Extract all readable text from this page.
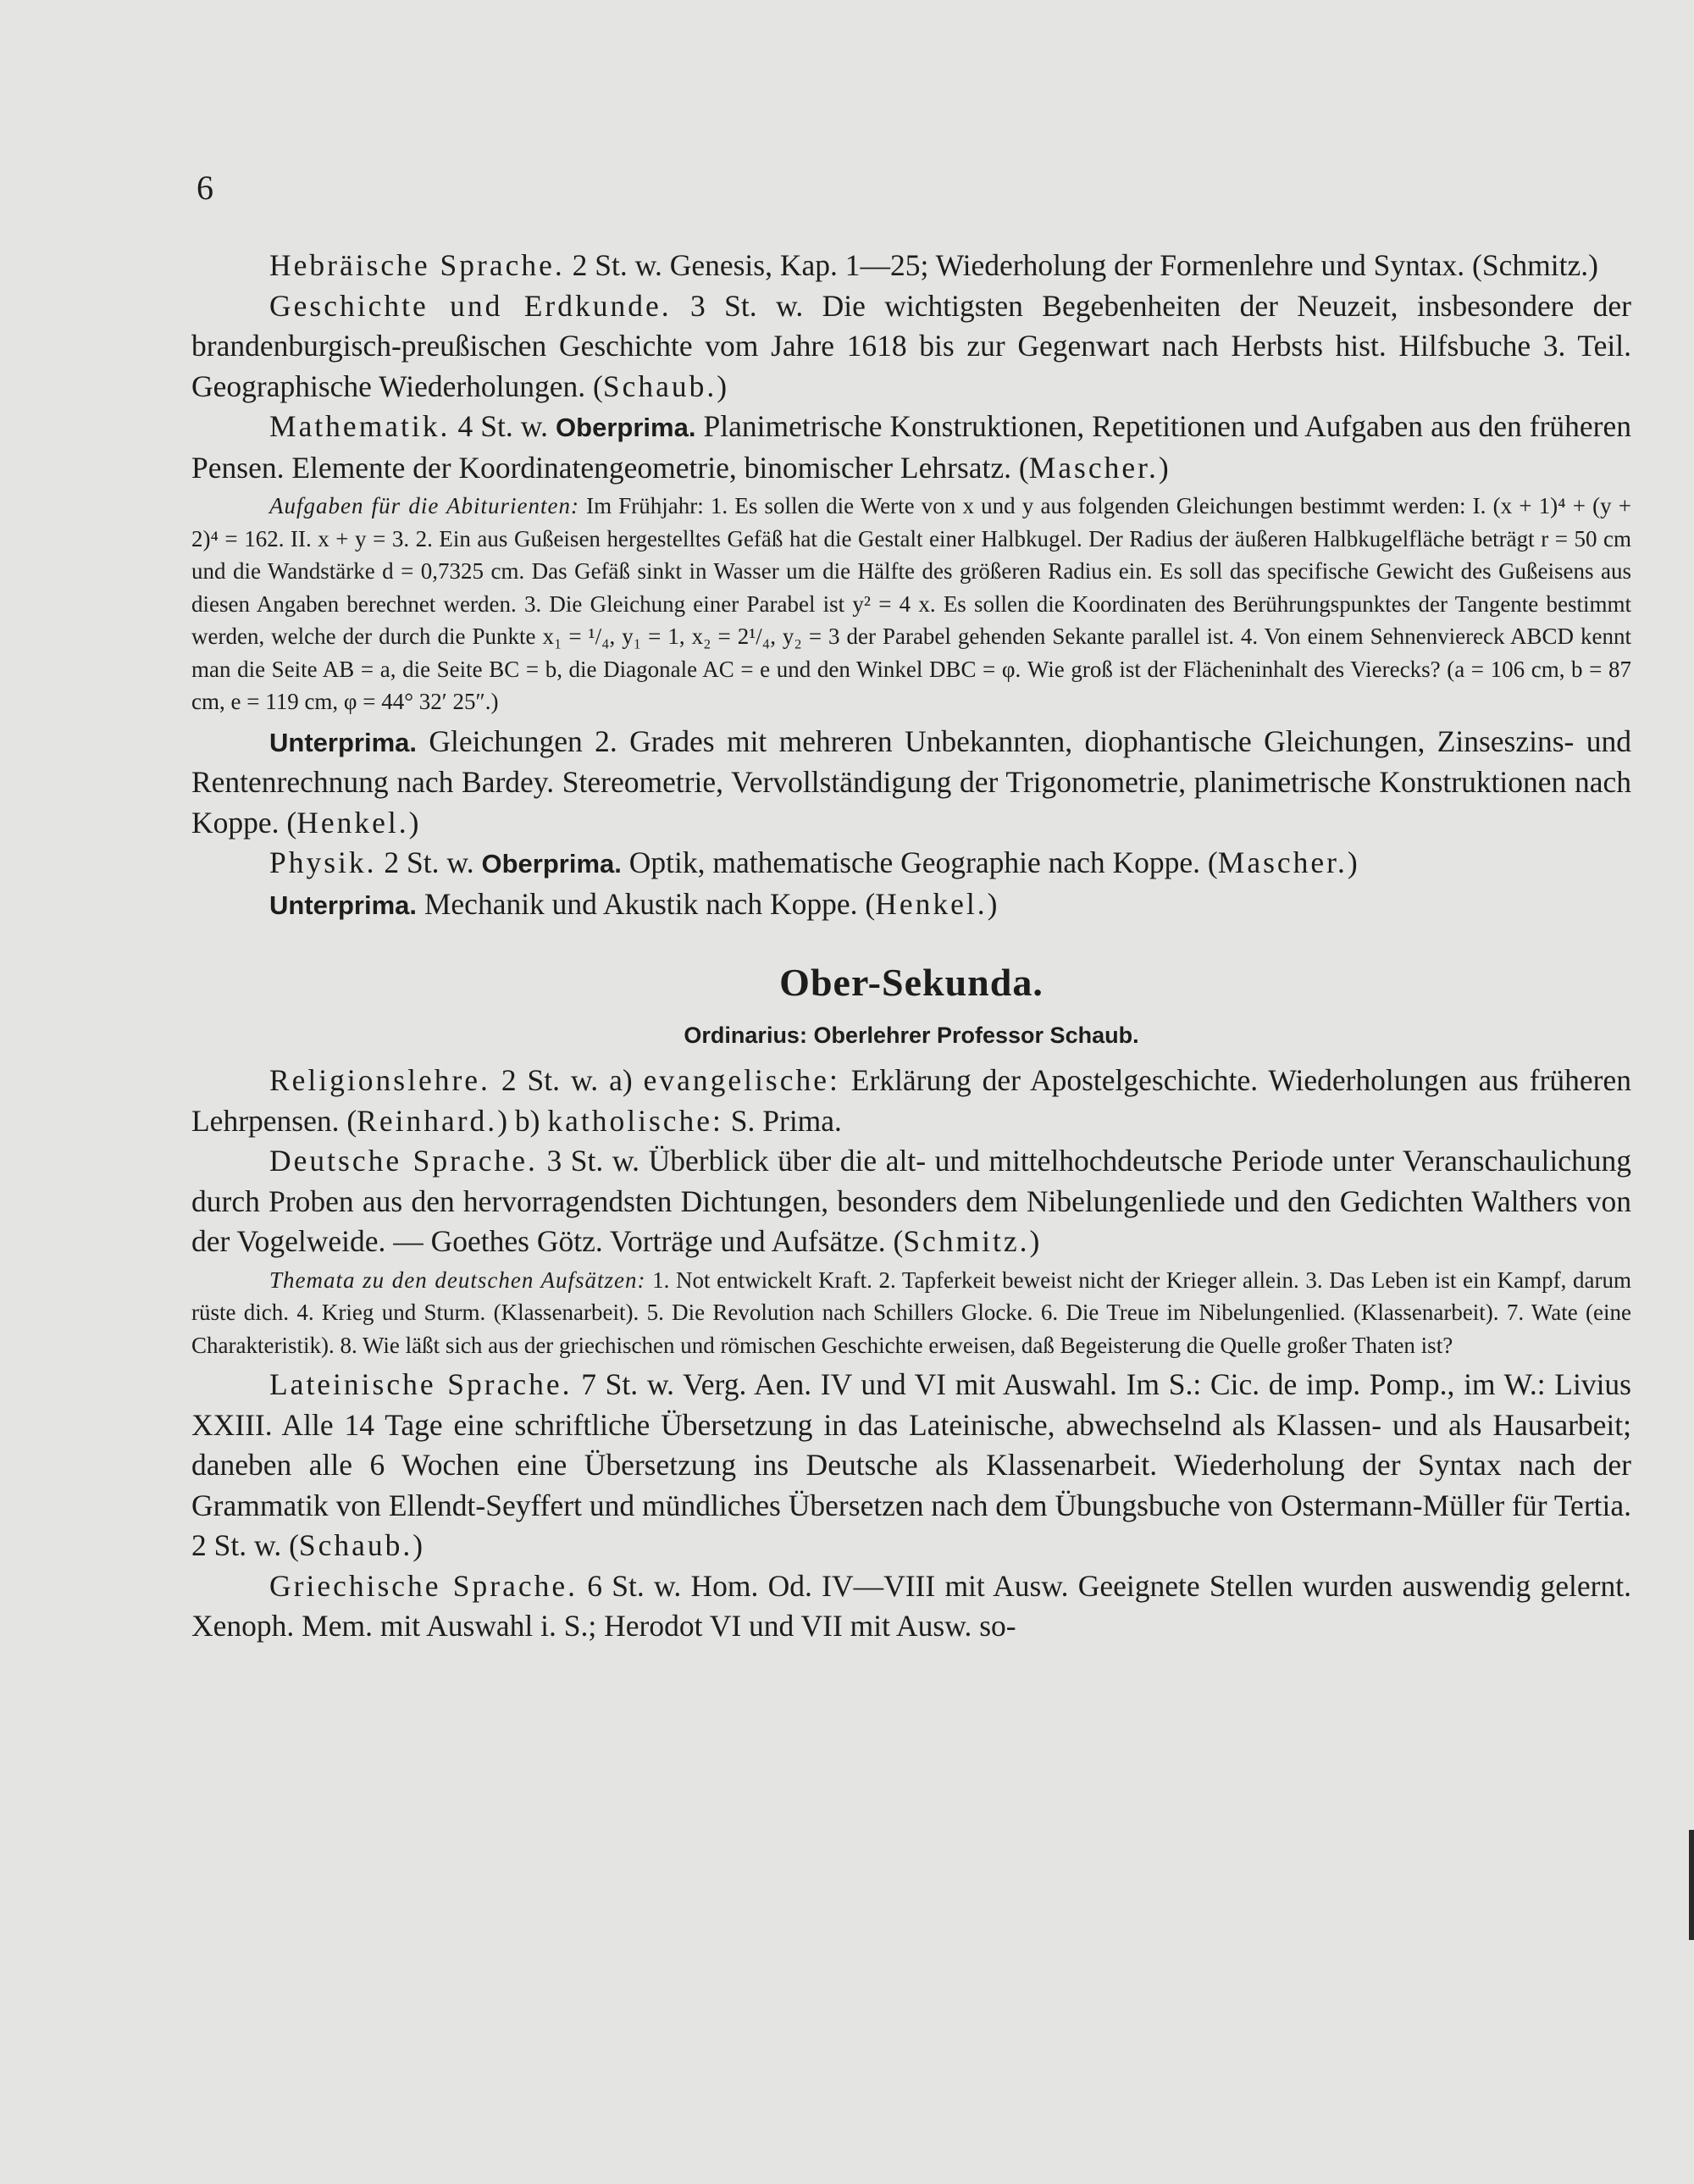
6

Hebräische Sprache. 2 St. w. Genesis, Kap. 1—25; Wiederholung der Formenlehre und Syntax. (Schmitz.)

Geschichte und Erdkunde. 3 St. w. Die wichtigsten Begebenheiten der Neuzeit, insbesondere der brandenburgisch-preußischen Geschichte vom Jahre 1618 bis zur Gegenwart nach Herbsts hist. Hilfsbuche 3. Teil. Geographische Wiederholungen. (Schaub.)

Mathematik. 4 St. w. Oberprima. Planimetrische Konstruktionen, Repetitionen und Aufgaben aus den früheren Pensen. Elemente der Koordinatengeometrie, binomischer Lehrsatz. (Mascher.)

Aufgaben für die Abiturienten: Im Frühjahr: 1. Es sollen die Werte von x und y aus folgenden Gleichungen bestimmt werden: I. (x + 1)⁴ + (y + 2)⁴ = 162. II. x + y = 3. 2. Ein aus Gußeisen hergestelltes Gefäß hat die Gestalt einer Halbkugel. Der Radius der äußeren Halbkugelfläche beträgt r = 50 cm und die Wandstärke d = 0,7325 cm. Das Gefäß sinkt in Wasser um die Hälfte des größeren Radius ein. Es soll das specifische Gewicht des Gußeisens aus diesen Angaben berechnet werden. 3. Die Gleichung einer Parabel ist y² = 4 x. Es sollen die Koordinaten des Berührungspunktes der Tangente bestimmt werden, welche der durch die Punkte x₁ = ¹/₄, y₁ = 1, x₂ = 2¹/₄, y₂ = 3 der Parabel gehenden Sekante parallel ist. 4. Von einem Sehnenviereck ABCD kennt man die Seite AB = a, die Seite BC = b, die Diagonale AC = e und den Winkel DBC = φ. Wie groß ist der Flächeninhalt des Vierecks? (a = 106 cm, b = 87 cm, e = 119 cm, φ = 44° 32′ 25″.)

Unterprima. Gleichungen 2. Grades mit mehreren Unbekannten, diophantische Gleichungen, Zinseszins- und Rentenrechnung nach Bardey. Stereometrie, Vervollständigung der Trigonometrie, planimetrische Konstruktionen nach Koppe. (Henkel.)

Physik. 2 St. w. Oberprima. Optik, mathematische Geographie nach Koppe. (Mascher.)

Unterprima. Mechanik und Akustik nach Koppe. (Henkel.)

Ober-Sekunda.
Ordinarius: Oberlehrer Professor Schaub.

Religionslehre. 2 St. w. a) evangelische: Erklärung der Apostelgeschichte. Wiederholungen aus früheren Lehrpensen. (Reinhard.) b) katholische: S. Prima.

Deutsche Sprache. 3 St. w. Überblick über die alt- und mittelhochdeutsche Periode unter Veranschaulichung durch Proben aus den hervorragendsten Dichtungen, besonders dem Nibelungenliede und den Gedichten Walthers von der Vogelweide. — Goethes Götz. Vorträge und Aufsätze. (Schmitz.)

Themata zu den deutschen Aufsätzen: 1. Not entwickelt Kraft. 2. Tapferkeit beweist nicht der Krieger allein. 3. Das Leben ist ein Kampf, darum rüste dich. 4. Krieg und Sturm. (Klassenarbeit). 5. Die Revolution nach Schillers Glocke. 6. Die Treue im Nibelungenlied. (Klassenarbeit). 7. Wate (eine Charakteristik). 8. Wie läßt sich aus der griechischen und römischen Geschichte erweisen, daß Begeisterung die Quelle großer Thaten ist?

Lateinische Sprache. 7 St. w. Verg. Aen. IV und VI mit Auswahl. Im S.: Cic. de imp. Pomp., im W.: Livius XXIII. Alle 14 Tage eine schriftliche Übersetzung in das Lateinische, abwechselnd als Klassen- und als Hausarbeit; daneben alle 6 Wochen eine Übersetzung ins Deutsche als Klassenarbeit. Wiederholung der Syntax nach der Grammatik von Ellendt-Seyffert und mündliches Übersetzen nach dem Übungsbuche von Ostermann-Müller für Tertia. 2 St. w. (Schaub.)

Griechische Sprache. 6 St. w. Hom. Od. IV—VIII mit Ausw. Geeignete Stellen wurden auswendig gelernt. Xenoph. Mem. mit Auswahl i. S.; Herodot VI und VII mit Ausw. so-
